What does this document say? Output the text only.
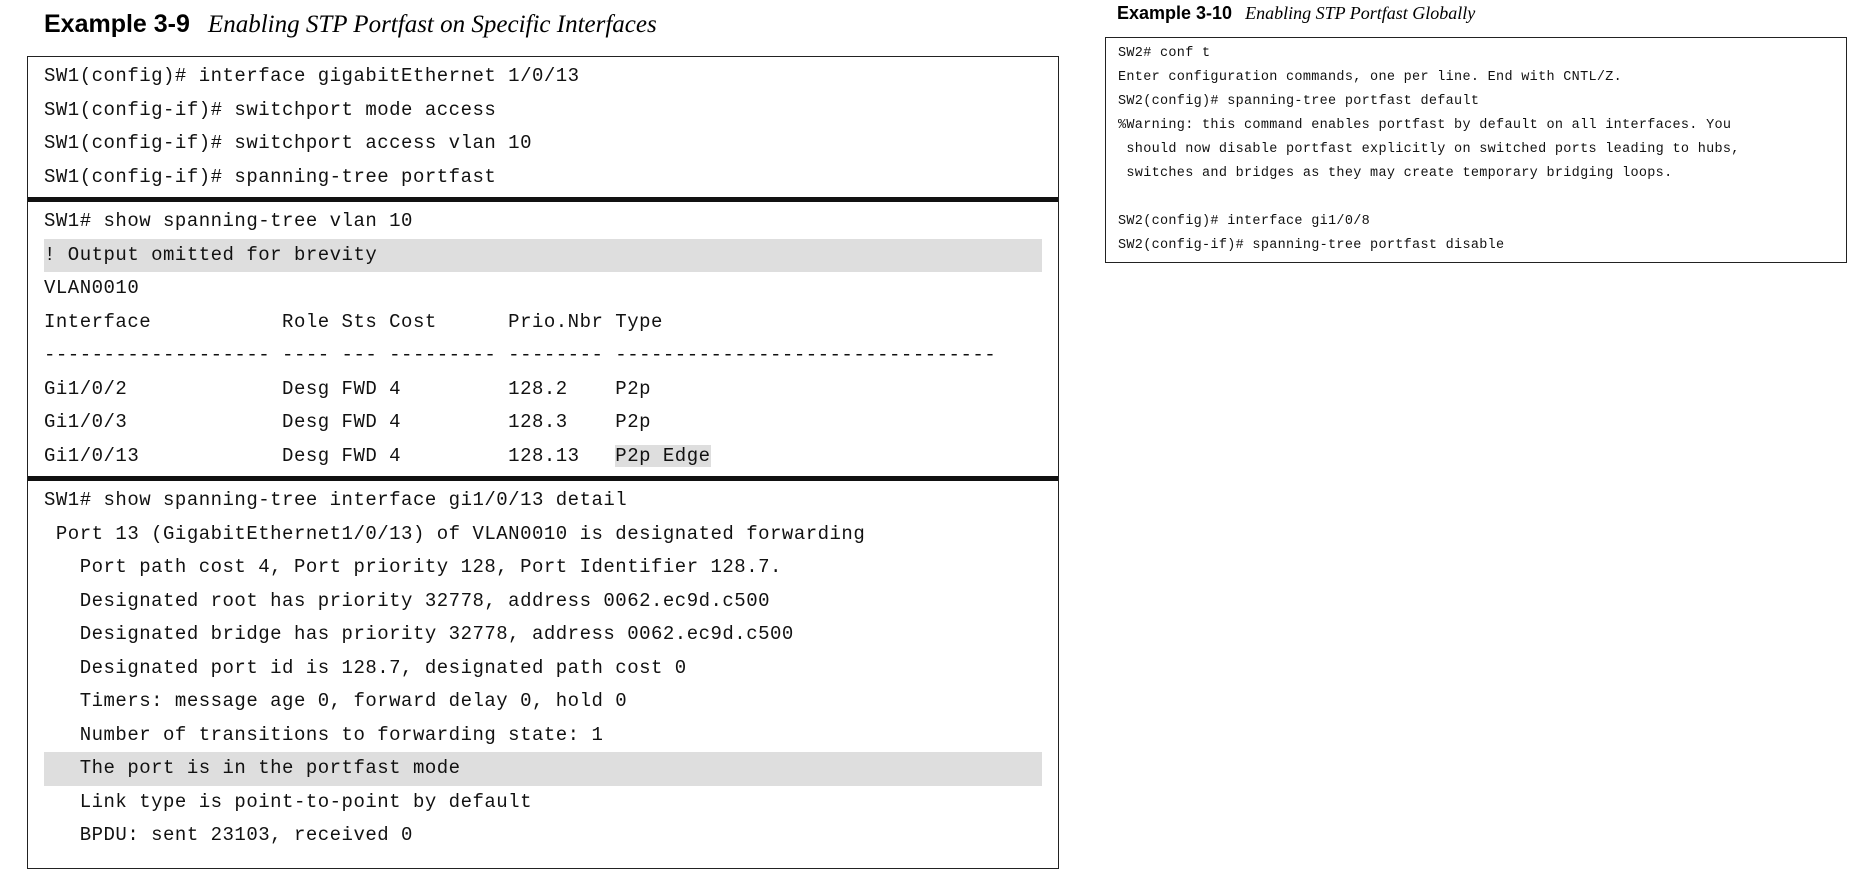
Example 3-9 Enabling STP Portfast on Specific Interfaces
SW1(config)# interface gigabitEthernet 1/0/13
SW1(config-if)# switchport mode access
SW1(config-if)# switchport access vlan 10
SW1(config-if)# spanning-tree portfast
SW1# show spanning-tree vlan 10
! Output omitted for brevity
VLAN0010
Interface           Role Sts Cost      Prio.Nbr Type
------------------- ---- --- --------- -------- --------------------------------
Gi1/0/2             Desg FWD 4         128.2    P2p
Gi1/0/3             Desg FWD 4         128.3    P2p
Gi1/0/13            Desg FWD 4         128.13   P2p Edge
SW1# show spanning-tree interface gi1/0/13 detail
Port 13 (GigabitEthernet1/0/13) of VLAN0010 is designated forwarding
Port path cost 4, Port priority 128, Port Identifier 128.7.
Designated root has priority 32778, address 0062.ec9d.c500
Designated bridge has priority 32778, address 0062.ec9d.c500
Designated port id is 128.7, designated path cost 0
Timers: message age 0, forward delay 0, hold 0
Number of transitions to forwarding state: 1
The port is in the portfast mode
Link type is point-to-point by default
BPDU: sent 23103, received 0
Example 3-10 Enabling STP Portfast Globally
SW2# conf t
Enter configuration commands, one per line. End with CNTL/Z.
SW2(config)# spanning-tree portfast default
%Warning: this command enables portfast by default on all interfaces. You
should now disable portfast explicitly on switched ports leading to hubs,
switches and bridges as they may create temporary bridging loops.
SW2(config)# interface gi1/0/8
SW2(config-if)# spanning-tree portfast disable
